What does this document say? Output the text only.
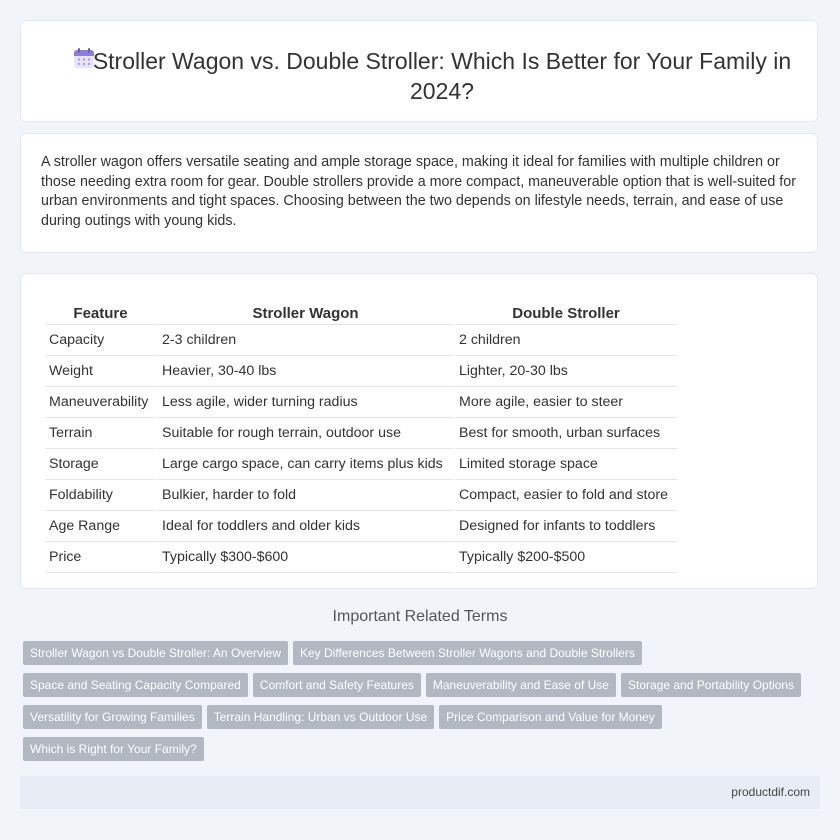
Stroller Wagon vs. Double Stroller: Which Is Better for Your Family in 2024?

A stroller wagon offers versatile seating and ample storage space, making it ideal for families with multiple children or those needing extra room for gear. Double strollers provide a more compact, maneuverable option that is well-suited for urban environments and tight spaces. Choosing between the two depends on lifestyle needs, terrain, and ease of use during outings with young kids.

Feature	Stroller Wagon	Double Stroller
Capacity	2-3 children	2 children
Weight	Heavier, 30-40 lbs	Lighter, 20-30 lbs
Maneuverability	Less agile, wider turning radius	More agile, easier to steer
Terrain	Suitable for rough terrain, outdoor use	Best for smooth, urban surfaces
Storage	Large cargo space, can carry items plus kids	Limited storage space
Foldability	Bulkier, harder to fold	Compact, easier to fold and store
Age Range	Ideal for toddlers and older kids	Designed for infants to toddlers
Price	Typically $300-$600	Typically $200-$500
Important Related Terms
Stroller Wagon vs Double Stroller: An Overview Key Differences Between Stroller Wagons and Double Strollers
Space and Seating Capacity Compared Comfort and Safety Features Maneuverability and Ease of Use Storage and Portability Options
Versatility for Growing Families Terrain Handling: Urban vs Outdoor Use Price Comparison and Value for Money
Which is Right for Your Family?
productdif.com
